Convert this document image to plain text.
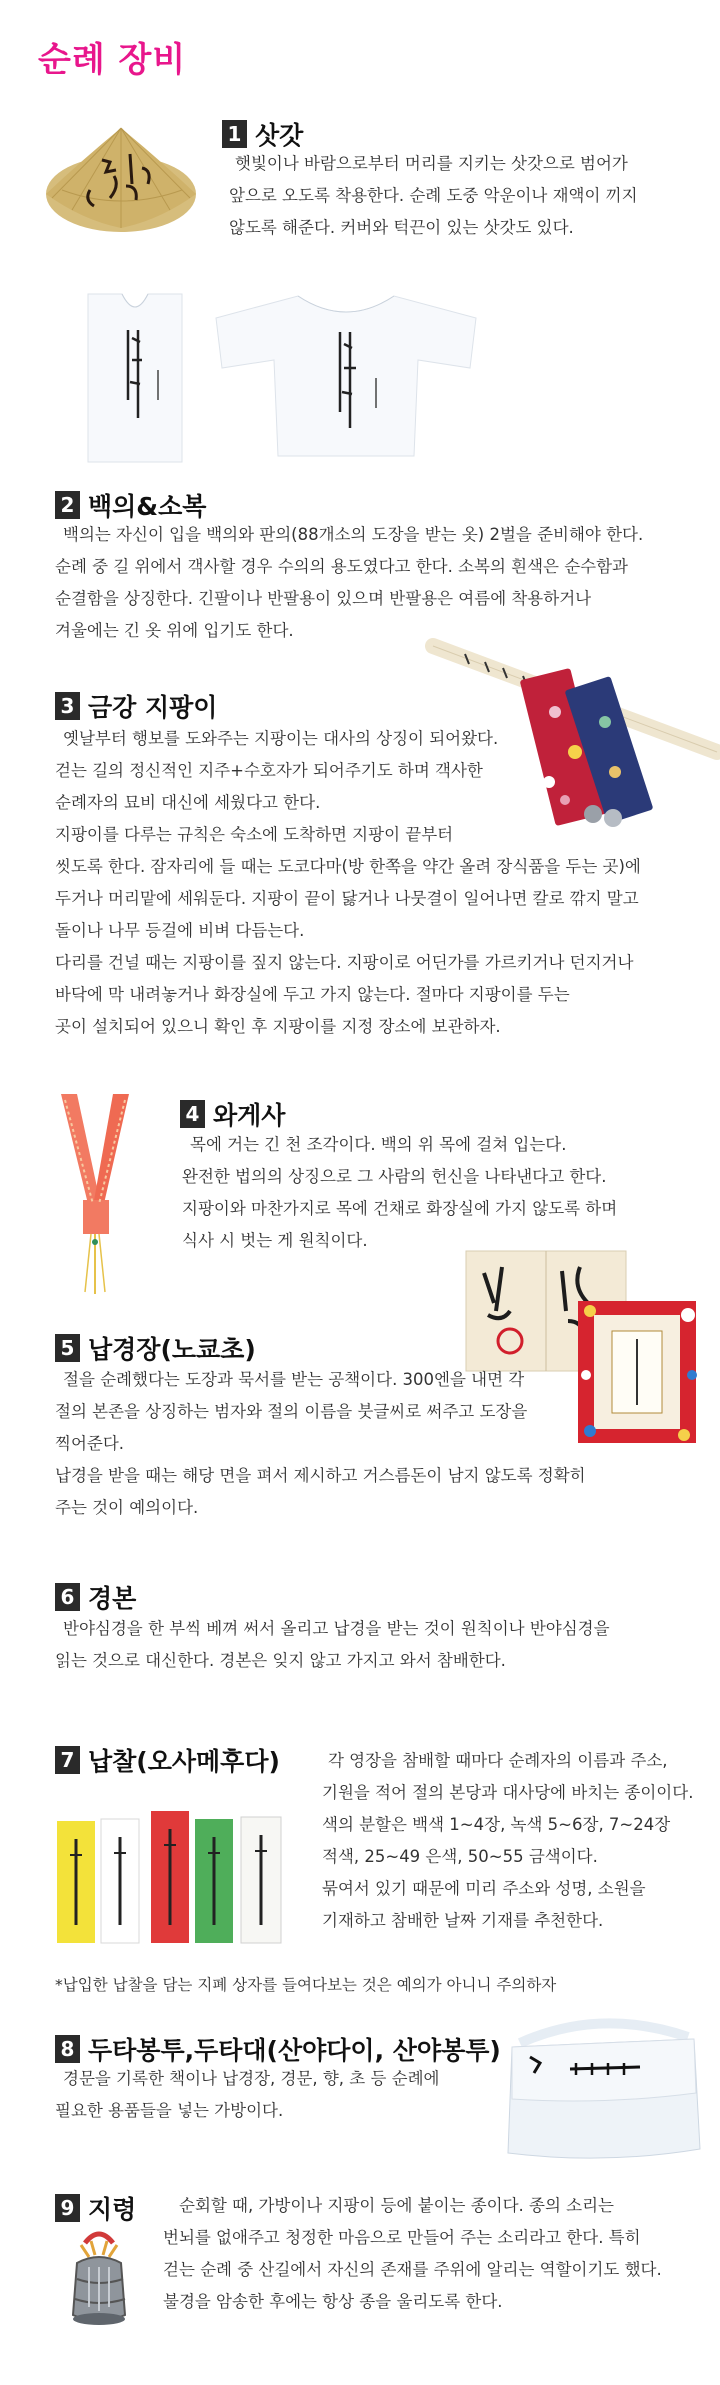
순례 장비
1 삿갓

햇빛이나 바람으로부터 머리를 지키는 삿갓으로 범어가

앞으로 오도록 착용한다. 순례 도중 악운이나 재액이 끼지

않도록 해준다. 커버와 턱끈이 있는 삿갓도 있다.

2 백의&소복

백의는 자신이 입을 백의와 판의(88개소의 도장을 받는 옷) 2벌을 준비해야 한다.

순례 중 길 위에서 객사할 경우 수의의 용도였다고 한다. 소복의 흰색은 순수함과

순결함을 상징한다. 긴팔이나 반팔용이 있으며 반팔용은 여름에 착용하거나

겨울에는 긴 옷 위에 입기도 한다.

3 금강 지팡이

옛날부터 행보를 도와주는 지팡이는 대사의 상징이 되어왔다.

걷는 길의 정신적인 지주+수호자가 되어주기도 하며 객사한

순례자의 묘비 대신에 세웠다고 한다.

지팡이를 다루는 규칙은 숙소에 도착하면 지팡이 끝부터

씻도록 한다. 잠자리에 들 때는 도코다마(방 한쪽을 약간 올려 장식품을 두는 곳)에

두거나 머리맡에 세워둔다. 지팡이 끝이 닳거나 나뭇결이 일어나면 칼로 깎지 말고

돌이나 나무 등걸에 비벼 다듬는다.

다리를 건널 때는 지팡이를 짚지 않는다. 지팡이로 어딘가를 가르키거나 던지거나

바닥에 막 내려놓거나 화장실에 두고 가지 않는다. 절마다 지팡이를 두는

곳이 설치되어 있으니 확인 후 지팡이를 지정 장소에 보관하자.

4 와게사

목에 거는 긴 천 조각이다. 백의 위 목에 걸쳐 입는다.

완전한 법의의 상징으로 그 사람의 헌신을 나타낸다고 한다.

지팡이와 마찬가지로 목에 건채로 화장실에 가지 않도록 하며

식사 시 벗는 게 원칙이다.

5 납경장(노쿄초)

절을 순례했다는 도장과 묵서를 받는 공책이다. 300엔을 내면 각

절의 본존을 상징하는 범자와 절의 이름을 붓글씨로 써주고 도장을

찍어준다.

납경을 받을 때는 해당 면을 펴서 제시하고 거스름돈이 남지 않도록 정확히

주는 것이 예의이다.

6 경본

반야심경을 한 부씩 베껴 써서 올리고 납경을 받는 것이 원칙이나 반야심경을

읽는 것으로 대신한다. 경본은 잊지 않고 가지고 와서 참배한다.

7 납찰(오사메후다)	각 영장을 참배할 때마다 순례자의 이름과 주소,

기원을 적어 절의 본당과 대사당에 바치는 종이이다.

색의 분할은 백색 1~4장, 녹색 5~6장, 7~24장

적색, 25~49 은색, 50~55 금색이다.

묶여서 있기 때문에 미리 주소와 성명, 소원을

기재하고 참배한 날짜 기재를 추천한다.

*납입한 납찰을 담는 지폐 상자를 들여다보는 것은 예의가 아니니 주의하자

8 두타봉투,두타대(산야다이, 산야봉투)

경문을 기록한 책이나 납경장, 경문, 향, 초 등 순례에

필요한 용품들을 넣는 가방이다.

9 지령	순회할 때, 가방이나 지팡이 등에 붙이는 종이다. 종의 소리는

번뇌를 없애주고 청정한 마음으로 만들어 주는 소리라고 한다. 특히

걷는 순례 중 산길에서 자신의 존재를 주위에 알리는 역할이기도 했다.

불경을 암송한 후에는 항상 종을 울리도록 한다.
